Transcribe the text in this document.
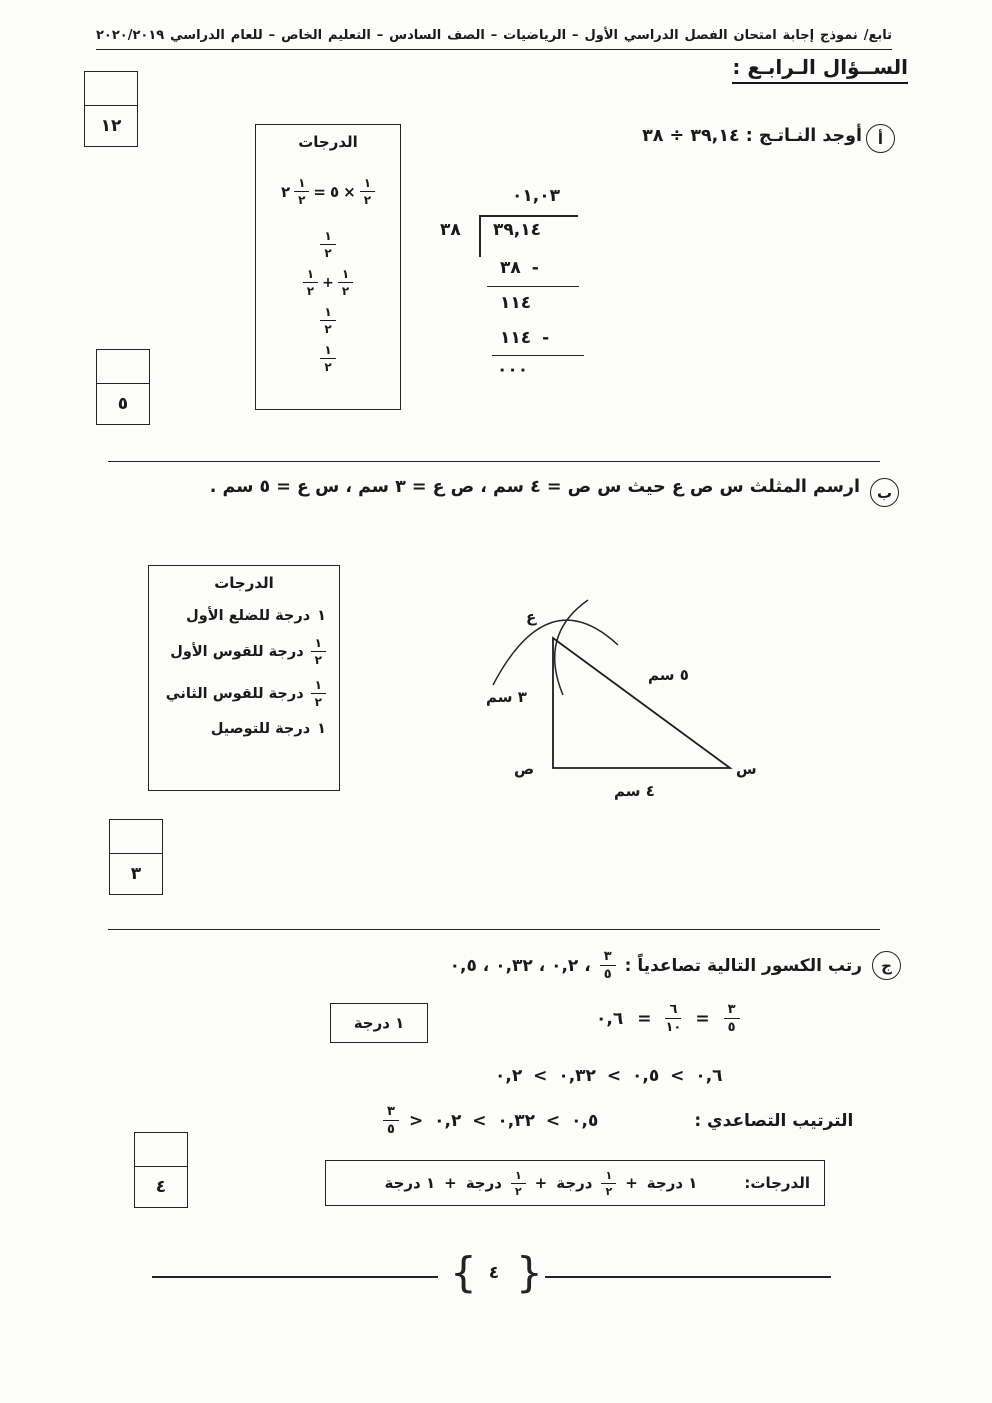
تابع/ نموذج إجابة امتحان الفصل الدراسي الأول – الرياضيات – الصف السادس – التعليم الخاص – للعام الدراسي ٢٠٢٠/٢٠١٩
الســؤال الـرابـع :
١٢
أ
أوجد النـاتـج : ٣٩,١٤ ÷ ٣٨
٠١,٠٣
٣٨ ٣٩,١٤
٣٨ -
١١٤
١١٤ -
٠٠٠
الدرجات
٢ $\frac{١}{٢}$ = ٥ × $\frac{١}{٢}$
$\frac{١}{٢}$
$\frac{١}{٢} + \frac{١}{٢}$
$\frac{١}{٢}$
$\frac{١}{٢}$
٥
ب
ارسم المثلث س ص ع حيث س ص = ٤ سم ، ص ع = ٣ سم ، س ع = ٥ سم .
الدرجات
١
درجة للضلع الأول
$\frac{١}{٢}$
درجة للقوس الأول
$\frac{١}{٢}$
درجة للقوس الثاني
١
درجة للتوصيل
ع
ص	س
٣ سم
٥ سم
٤ سم
٣
ج
رتب الكسور التالية تصاعدياً :
$\frac{٣}{٥}$
، ٠,٢ ، ٠,٣٢ ، ٠,٥
٠,٦ = $\frac{٦}{١٠} = \frac{٣}{٥}$
١ درجة
٠,٦ > ٠,٥ > ٠,٣٢ > ٠,٢
$\frac{٣}{٥}$ > ٠,٥ > ٠,٣٢ > ٠,٢	الترتيب التصاعدي :
الدرجات:
١ درجة
+
$\frac{١}{٢}$
درجة
+
$\frac{١}{٢}$
درجة
+
١ درجة
٤
{ ٤ }
